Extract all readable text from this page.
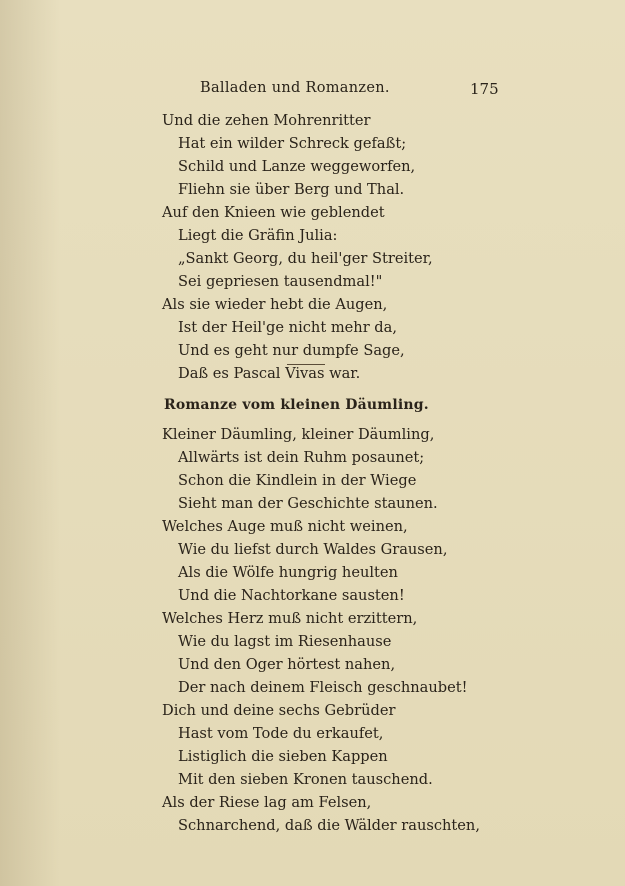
Balladen und Romanzen.	175
Und die zehen Mohrenritter
Hat ein wilder Schreck gefaßt;
Schild und Lanze weggeworfen,
Fliehn sie über Berg und Thal.
Auf den Knieen wie geblendet
Liegt die Gräfin Julia:
„Sankt Georg, du heil'ger Streiter,
Sei gepriesen tausendmal!"
Als sie wieder hebt die Augen,
Ist der Heil'ge nicht mehr da,
Und es geht nur dumpfe Sage,
Daß es Pascal Vivas war.
Romanze vom kleinen Däumling.
Kleiner Däumling, kleiner Däumling,
Allwärts ist dein Ruhm posaunet;
Schon die Kindlein in der Wiege
Sieht man der Geschichte staunen.
Welches Auge muß nicht weinen,
Wie du liefst durch Waldes Grausen,
Als die Wölfe hungrig heulten
Und die Nachtorkane sausten!
Welches Herz muß nicht erzittern,
Wie du lagst im Riesenhause
Und den Oger hörtest nahen,
Der nach deinem Fleisch geschnaubet!
Dich und deine sechs Gebrüder
Hast vom Tode du erkaufet,
Listiglich die sieben Kappen
Mit den sieben Kronen tauschend.
Als der Riese lag am Felsen,
Schnarchend, daß die Wälder rauschten,
